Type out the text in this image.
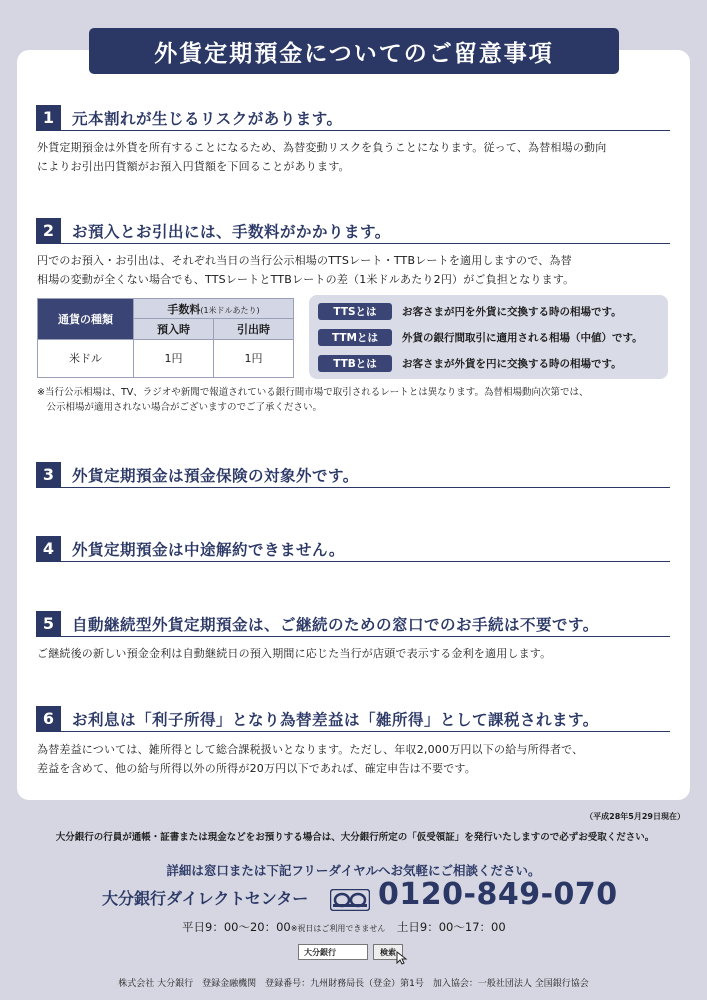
外貨定期預金についてのご留意事項
1	元本割れが生じるリスクがあります。
外貨定期預金は外貨を所有することになるため、為替変動リスクを負うことになります。従って、為替相場の動向
によりお引出円貨額がお預入円貨額を下回ることがあります。
2	お預入とお引出には、手数料がかかります。
円でのお預入・お引出は、それぞれ当日の当行公示相場のTTSレート・TTBレートを適用しますので、為替
相場の変動が全くない場合でも、TTSレートとTTBレートの差（1米ドルあたり2円）がご負担となります。
通貨の種類	手数料(1米ドルあたり)	
	預入時	引出時
米ドル	1円	1円
TTSとは	お客さまが円を外貨に交換する時の相場です。
TTMとは	外貨の銀行間取引に適用される相場（中値）です。
TTBとは	お客さまが外貨を円に交換する時の相場です。
※当行公示相場は、TV、ラジオや新聞で報道されている銀行間市場で取引されるレートとは異なります。為替相場動向次第では、
　公示相場が適用されない場合がございますのでご了承ください。
3	外貨定期預金は預金保険の対象外です。
4	外貨定期預金は中途解約できません。
5	自動継続型外貨定期預金は、ご継続のための窓口でのお手続は不要です。
ご継続後の新しい預金金利は自動継続日の預入期間に応じた当行が店頭で表示する金利を適用します。
6	お利息は「利子所得」となり為替差益は「雑所得」として課税されます。
為替差益については、雑所得として総合課税扱いとなります。ただし、年収2,000万円以下の給与所得者で、
差益を含めて、他の給与所得以外の所得が20万円以下であれば、確定申告は不要です。
（平成28年5月29日現在）
大分銀行の行員が通帳・証書または現金などをお預りする場合は、大分銀行所定の「仮受領証」を発行いたしますので必ずお受取ください。
詳細は窓口または下記フリーダイヤルへお気軽にご相談ください。
大分銀行ダイレクトセンター 0120-849-070
平日9：00〜20：00※祝日はご利用できません　 土日9：00〜17：00
大分銀行	検索
株式会社 大分銀行　登録金融機関　登録番号：九州財務局長（登金）第1号　加入協会：一般社団法人 全国銀行協会
